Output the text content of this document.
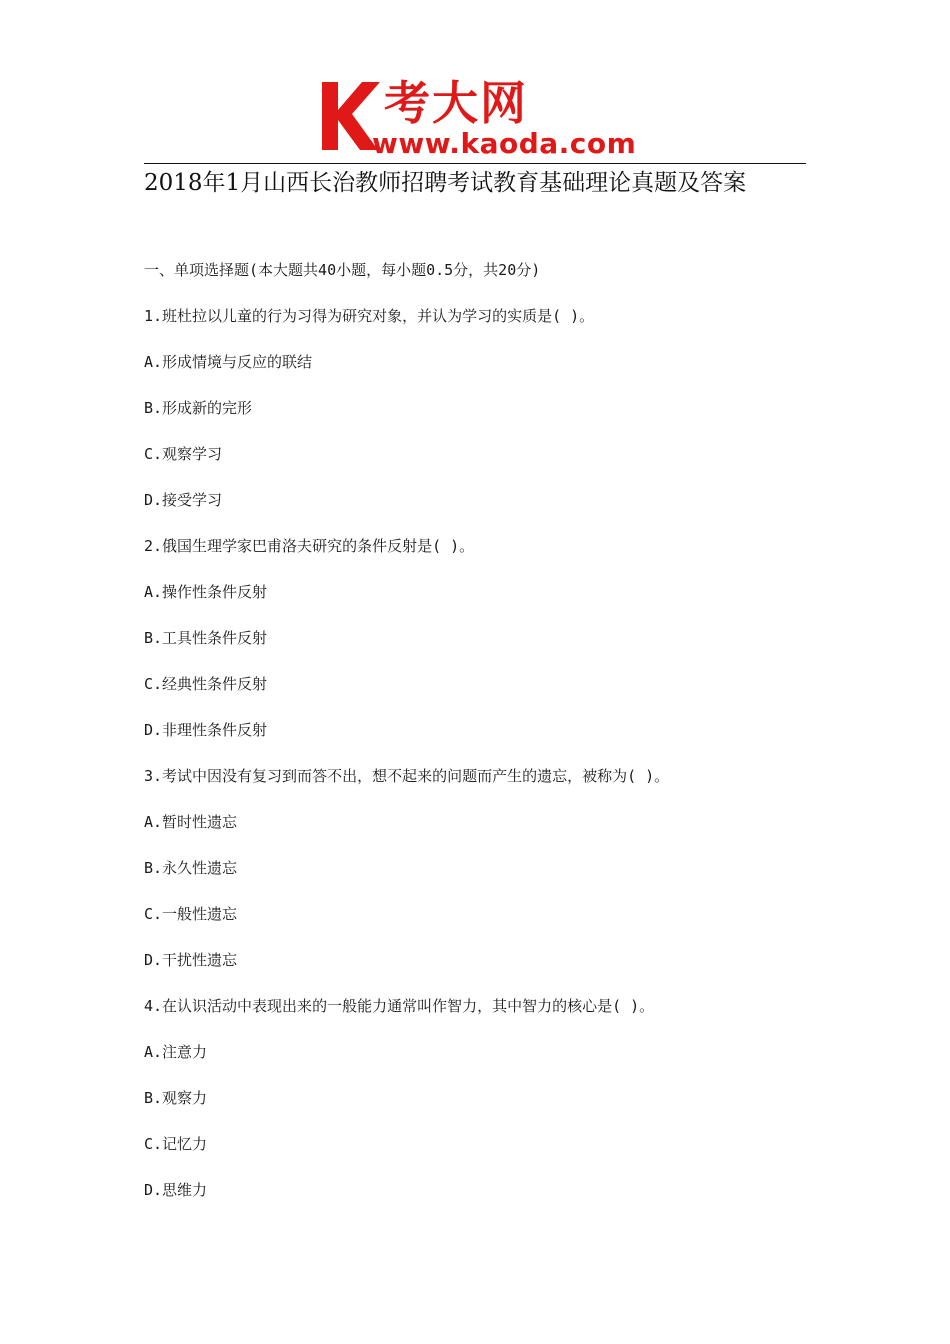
考大网
www.kaoda.com
2018年1月山西长治教师招聘考试教育基础理论真题及答案
一、单项选择题(本大题共40小题，每小题0.5分，共20分)
1.班杜拉以儿童的行为习得为研究对象，并认为学习的实质是( )。
A.形成情境与反应的联结
B.形成新的完形
C.观察学习
D.接受学习
2.俄国生理学家巴甫洛夫研究的条件反射是( )。
A.操作性条件反射
B.工具性条件反射
C.经典性条件反射
D.非理性条件反射
3.考试中因没有复习到而答不出，想不起来的问题而产生的遗忘，被称为( )。
A.暂时性遗忘
B.永久性遗忘
C.一般性遗忘
D.干扰性遗忘
4.在认识活动中表现出来的一般能力通常叫作智力，其中智力的核心是( )。
A.注意力
B.观察力
C.记忆力
D.思维力
